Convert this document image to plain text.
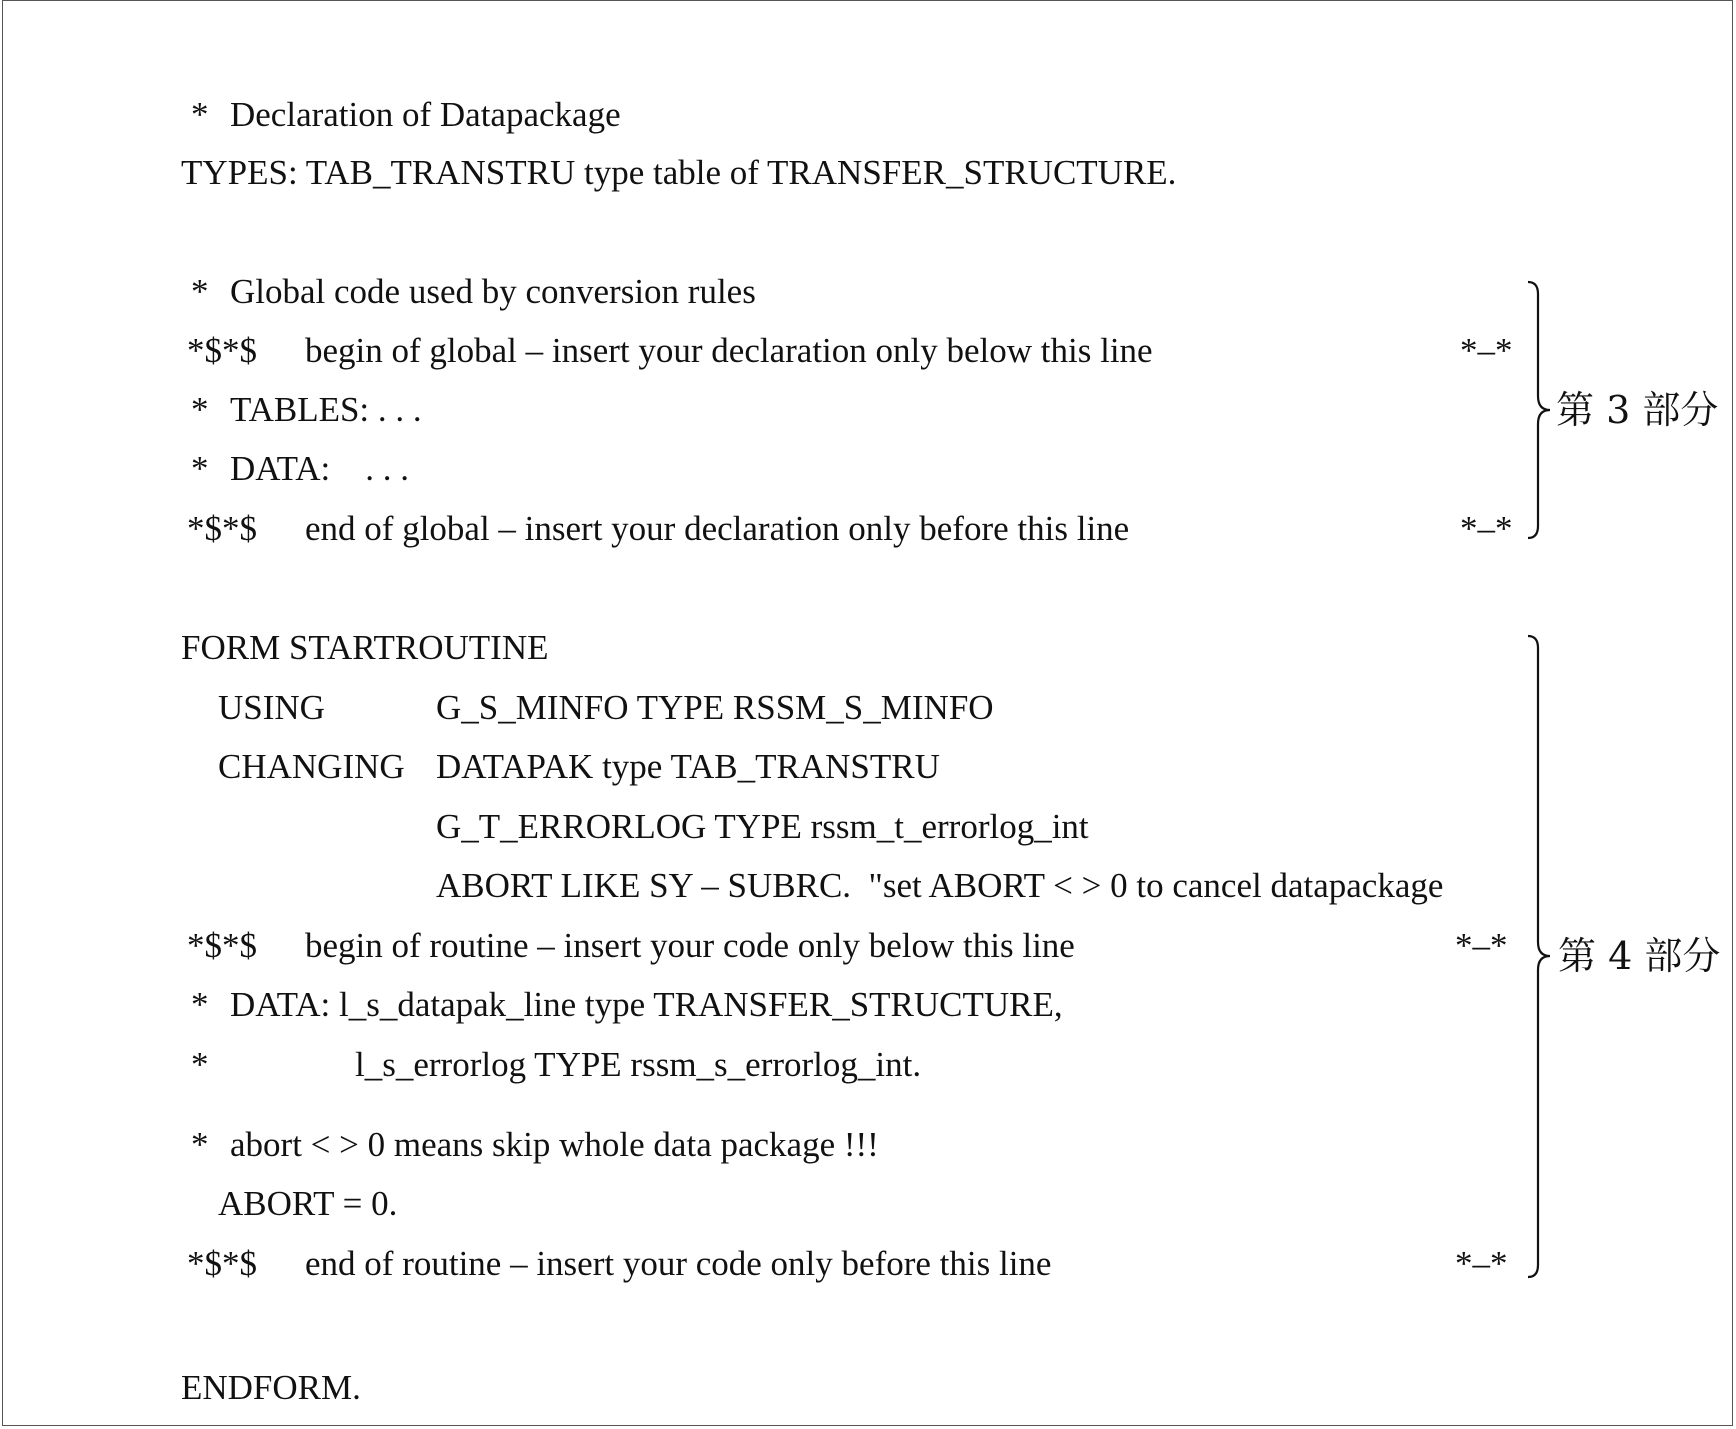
* Declaration of Datapackage
TYPES: TAB_TRANSTRU type table of TRANSFER_STRUCTURE.
* Global code used by conversion rules
*$*$ begin of global – insert your declaration only below this line	*–*
* TABLES: . . .
* DATA:    . . .
*$*$ end of global – insert your declaration only before this line	*–*
第 3 部分
FORM STARTROUTINE
USING	G_S_MINFO TYPE RSSM_S_MINFO
CHANGING DATAPAK type TAB_TRANSTRU
G_T_ERRORLOG TYPE rssm_t_errorlog_int
ABORT LIKE SY – SUBRC.  "set ABORT < > 0 to cancel datapackage
*$*$ begin of routine – insert your code only below this line	*–*
* DATA: l_s_datapak_line type TRANSFER_STRUCTURE,
*	l_s_errorlog TYPE rssm_s_errorlog_int.
* abort < > 0 means skip whole data package !!!
ABORT = 0.
*$*$ end of routine – insert your code only before this line	*–*
第 4 部分
ENDFORM.
